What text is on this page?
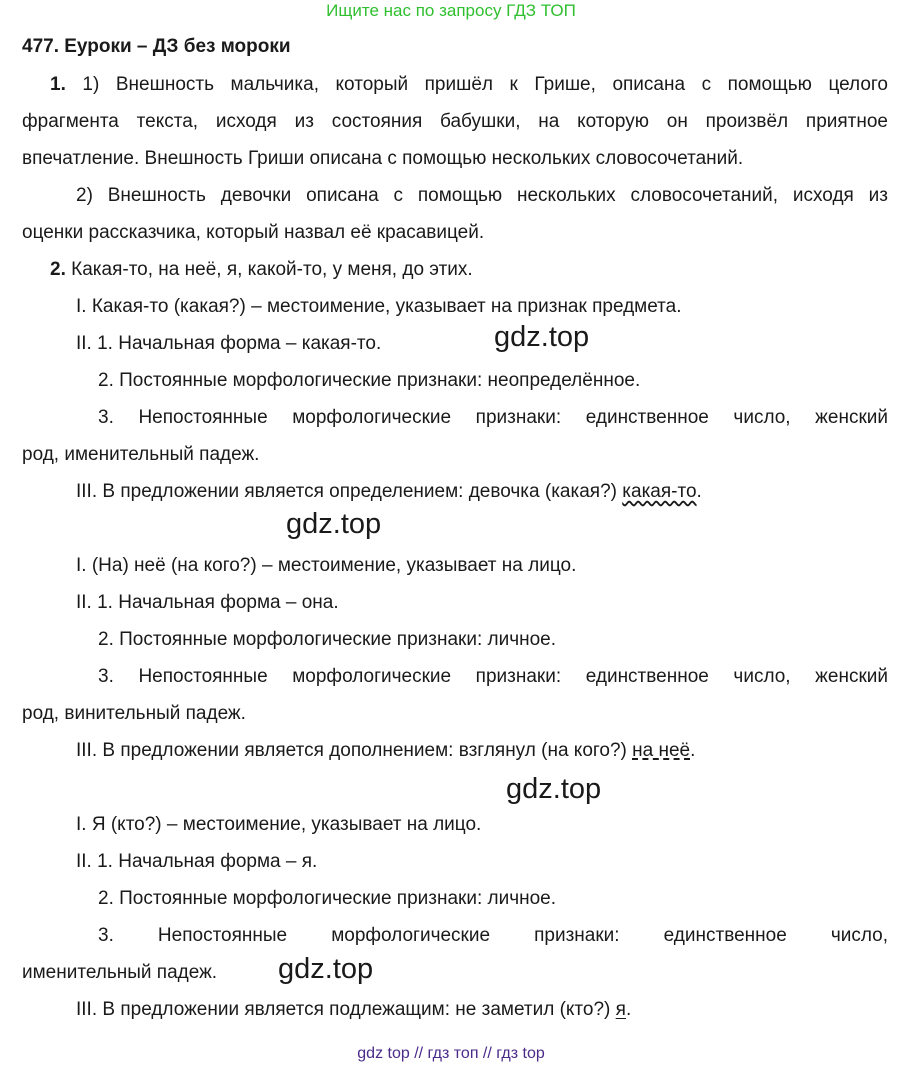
Ищите нас по запросу ГДЗ ТОП
477. Еуроки – ДЗ без мороки
1. 1) Внешность мальчика, который пришёл к Грише, описана с помощью целого
фрагмента текста, исходя из состояния бабушки, на которую он произвёл приятное
впечатление. Внешность Гриши описана с помощью нескольких словосочетаний.
2) Внешность девочки описана с помощью нескольких словосочетаний, исходя из
оценки рассказчика, который назвал её красавицей.
2. Какая-то, на неё, я, какой-то, у меня, до этих.
I. Какая-то (какая?) – местоимение, указывает на признак предмета.
II. 1. Начальная форма – какая-то.
2. Постоянные морфологические признаки: неопределённое.
3. Непостоянные морфологические признаки: единственное число, женский
род, именительный падеж.
III. В предложении является определением: девочка (какая?) какая-то.
I. (На) неё (на кого?) – местоимение, указывает на лицо.
II. 1. Начальная форма – она.
2. Постоянные морфологические признаки: личное.
3. Непостоянные морфологические признаки: единственное число, женский
род, винительный падеж.
III. В предложении является дополнением: взглянул (на кого?) на неё.
I. Я (кто?) – местоимение, указывает на лицо.
II. 1. Начальная форма – я.
2. Постоянные морфологические признаки: личное.
3. Непостоянные морфологические признаки: единственное число,
именительный падеж.
III. В предложении является подлежащим: не заметил (кто?) я.
gdz.top
gdz.top
gdz.top
gdz.top
gdz top // гдз топ // гдз top
